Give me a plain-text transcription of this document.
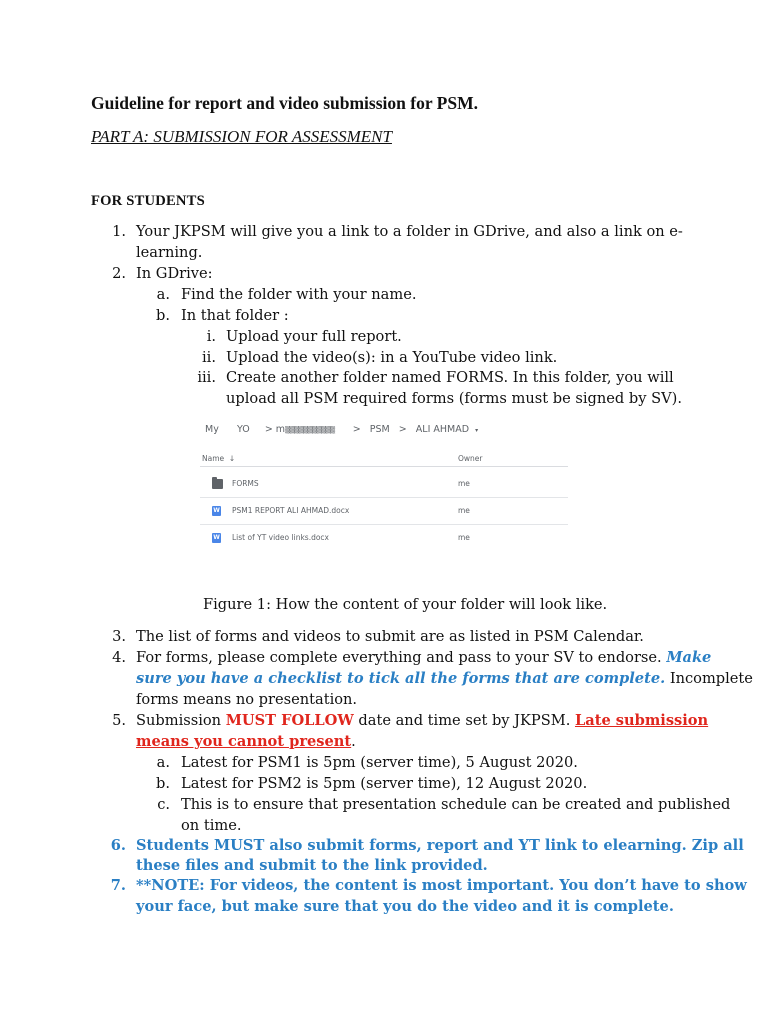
Guideline for report and video submission for PSM.
PART A: SUBMISSION FOR ASSESSMENT
FOR STUDENTS
1. Your JKPSM will give you a link to a folder in GDrive, and also a link on e-
learning.
2. In GDrive:
a. Find the folder with your name.
b. In that folder :
i. Upload your full report.
ii. Upload the video(s): in a YouTube video link.
iii. Create another folder named FORMS. In this folder, you will
upload all PSM required forms (forms must be signed by SV).
My YO > m▒▒▒▒▒▒▒▒▒▒▒ > PSM > ALI AHMAD ▾
Name ↓	Owner
FORMS	me
W PSM1 REPORT ALI AHMAD.docx	me
W List of YT video links.docx	me
Figure 1: How the content of your folder will look like.
3. The list of forms and videos to submit are as listed in PSM Calendar.
4. For forms, please complete everything and pass to your SV to endorse. Make
sure you have a checklist to tick all the forms that are complete. Incomplete
forms means no presentation.
5. Submission MUST FOLLOW date and time set by JKPSM. Late submission
means you cannot present.
a. Latest for PSM1 is 5pm (server time), 5 August 2020.
b. Latest for PSM2 is 5pm (server time), 12 August 2020.
c. This is to ensure that presentation schedule can be created and published
on time.
6. Students MUST also submit forms, report and YT link to elearning. Zip all
these files and submit to the link provided.
7. **NOTE: For videos, the content is most important. You don’t have to show
your face, but make sure that you do the video and it is complete.
